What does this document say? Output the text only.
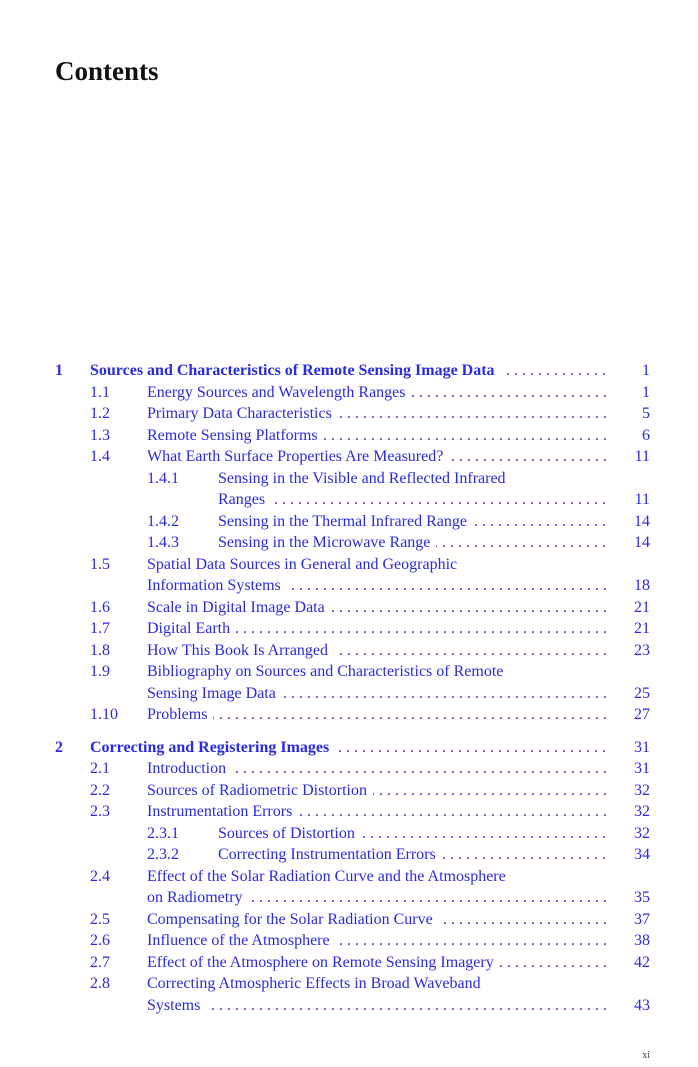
Contents
1 Sources and Characteristics of Remote Sensing Image Data . . .	1
1.1 Energy Sources and Wavelength Ranges . . .	1
1.2 Primary Data Characteristics . . .	5
1.3 Remote Sensing Platforms . . .	6
1.4 What Earth Surface Properties Are Measured? . . .	11
1.4.1 Sensing in the Visible and Reflected Infrared
Ranges . . .	11
1.4.2 Sensing in the Thermal Infrared Range . . .	14
1.4.3 Sensing in the Microwave Range . . .	14
1.5 Spatial Data Sources in General and Geographic
Information Systems . . .	18
1.6 Scale in Digital Image Data . . .	21
1.7 Digital Earth . . .	21
1.8 How This Book Is Arranged . . .	23
1.9 Bibliography on Sources and Characteristics of Remote
Sensing Image Data . . .	25
1.10 Problems . . .	27
2 Correcting and Registering Images . . .	31
2.1 Introduction . . .	31
2.2 Sources of Radiometric Distortion . . .	32
2.3 Instrumentation Errors . . .	32
2.3.1 Sources of Distortion . . .	32
2.3.2 Correcting Instrumentation Errors . . .	34
2.4 Effect of the Solar Radiation Curve and the Atmosphere
on Radiometry . . .	35
2.5 Compensating for the Solar Radiation Curve . . .	37
2.6 Influence of the Atmosphere . . .	38
2.7 Effect of the Atmosphere on Remote Sensing Imagery . . .	42
2.8 Correcting Atmospheric Effects in Broad Waveband
Systems . . .	43
xi
